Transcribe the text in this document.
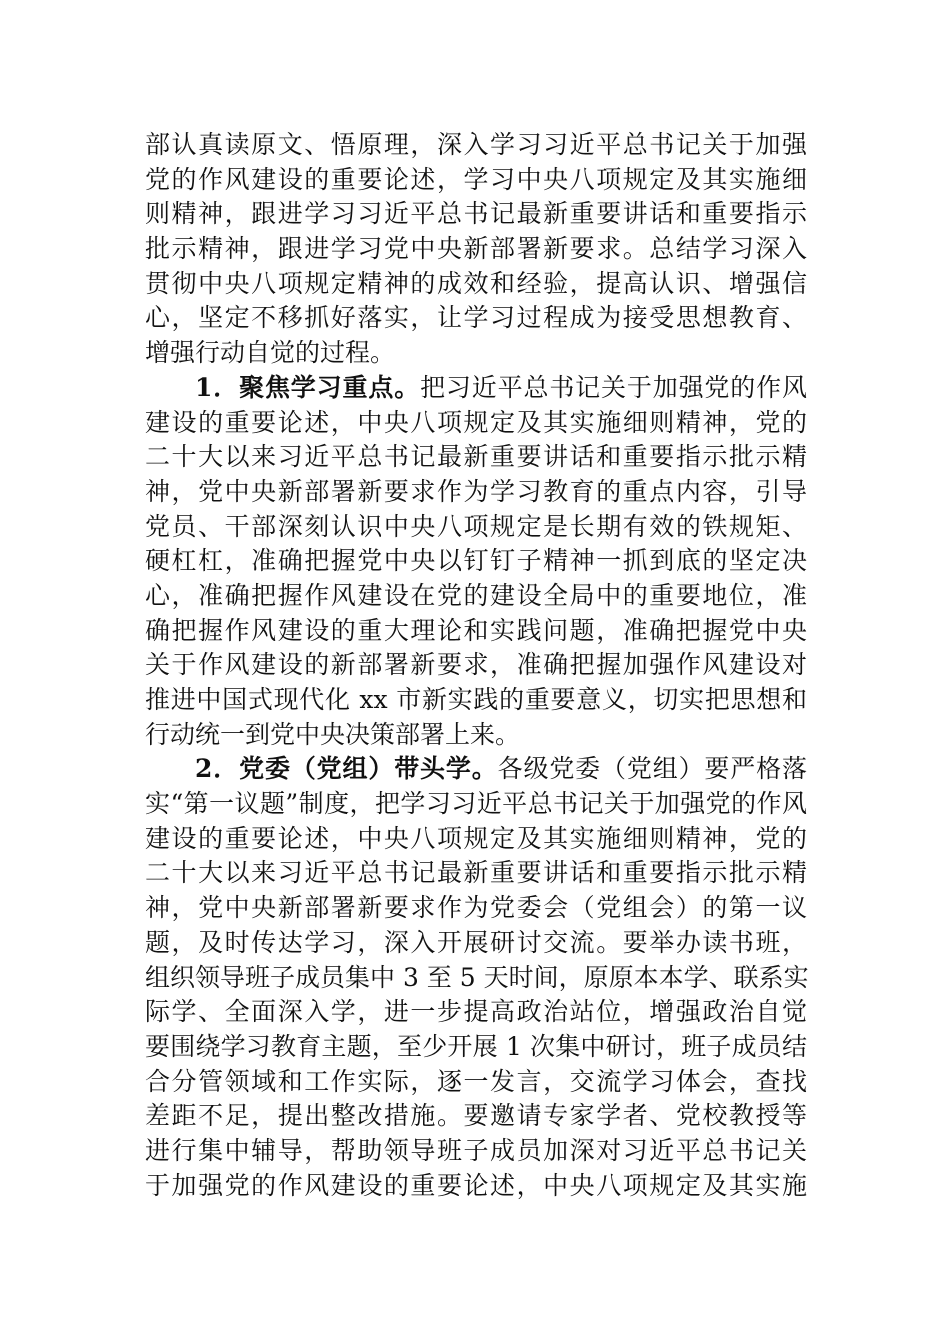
部认真读原文、悟原理，深入学习习近平总书记关于加强
党的作风建设的重要论述，学习中央八项规定及其实施细
则精神，跟进学习习近平总书记最新重要讲话和重要指示
批示精神，跟进学习党中央新部署新要求。总结学习深入
贯彻中央八项规定精神的成效和经验，提高认识、增强信
心，坚定不移抓好落实，让学习过程成为接受思想教育、
增强行动自觉的过程。
1．聚焦学习重点。把习近平总书记关于加强党的作风
建设的重要论述，中央八项规定及其实施细则精神，党的
二十大以来习近平总书记最新重要讲话和重要指示批示精
神，党中央新部署新要求作为学习教育的重点内容，引导
党员、干部深刻认识中央八项规定是长期有效的铁规矩、
硬杠杠，准确把握党中央以钉钉子精神一抓到底的坚定决
心，准确把握作风建设在党的建设全局中的重要地位，准
确把握作风建设的重大理论和实践问题，准确把握党中央
关于作风建设的新部署新要求，准确把握加强作风建设对
推进中国式现代化 xx 市新实践的重要意义，切实把思想和
行动统一到党中央决策部署上来。
2．党委（党组）带头学。各级党委（党组）要严格落
实“第一议题”制度，把学习习近平总书记关于加强党的作风
建设的重要论述，中央八项规定及其实施细则精神，党的
二十大以来习近平总书记最新重要讲话和重要指示批示精
神，党中央新部署新要求作为党委会（党组会）的第一议
题，及时传达学习，深入开展研讨交流。要举办读书班，
组织领导班子成员集中 3 至 5 天时间，原原本本学、联系实
际学、全面深入学，进一步提高政治站位，增强政治自觉
要围绕学习教育主题，至少开展 1 次集中研讨，班子成员结
合分管领域和工作实际，逐一发言，交流学习体会，查找
差距不足，提出整改措施。要邀请专家学者、党校教授等
进行集中辅导，帮助领导班子成员加深对习近平总书记关
于加强党的作风建设的重要论述，中央八项规定及其实施
